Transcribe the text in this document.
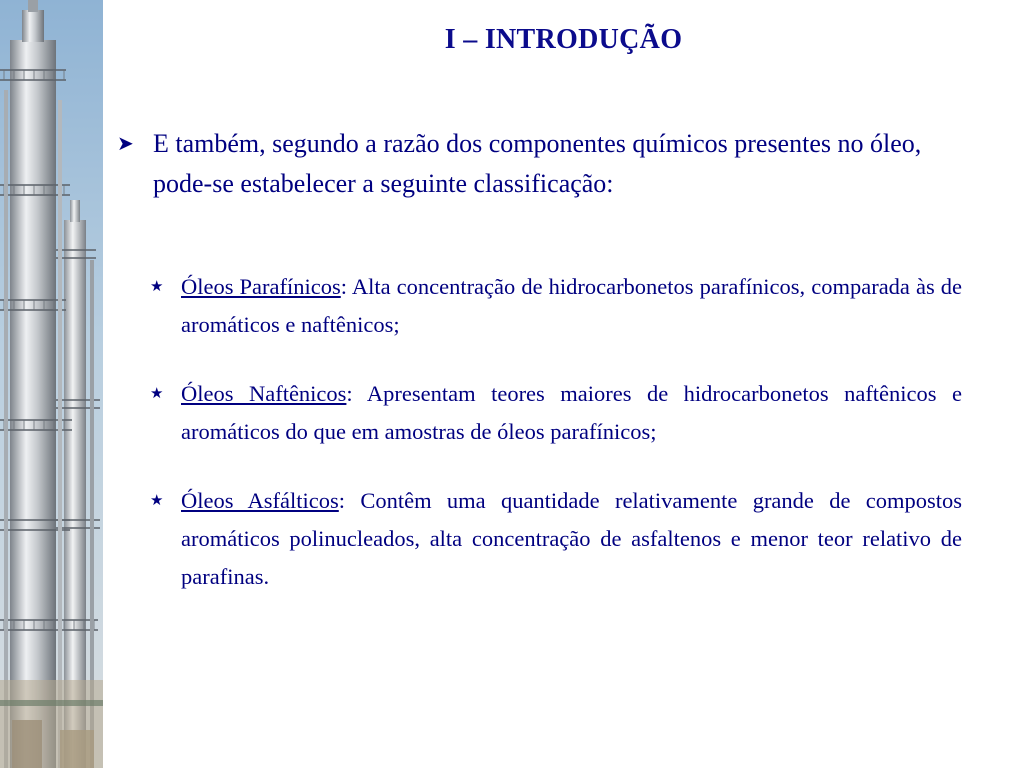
I – INTRODUÇÃO
➤ E também, segundo a razão dos componentes químicos presentes no óleo, pode-se estabelecer a seguinte classificação:
★ Óleos Parafínicos: Alta concentração de hidrocarbonetos parafínicos, comparada às de aromáticos e naftênicos;
★ Óleos Naftênicos: Apresentam teores maiores de hidrocarbonetos naftênicos e aromáticos do que em amostras de óleos parafínicos;
★ Óleos Asfálticos: Contêm uma quantidade relativamente grande de compostos aromáticos polinucleados, alta concentração de asfaltenos e menor teor relativo de parafinas.
